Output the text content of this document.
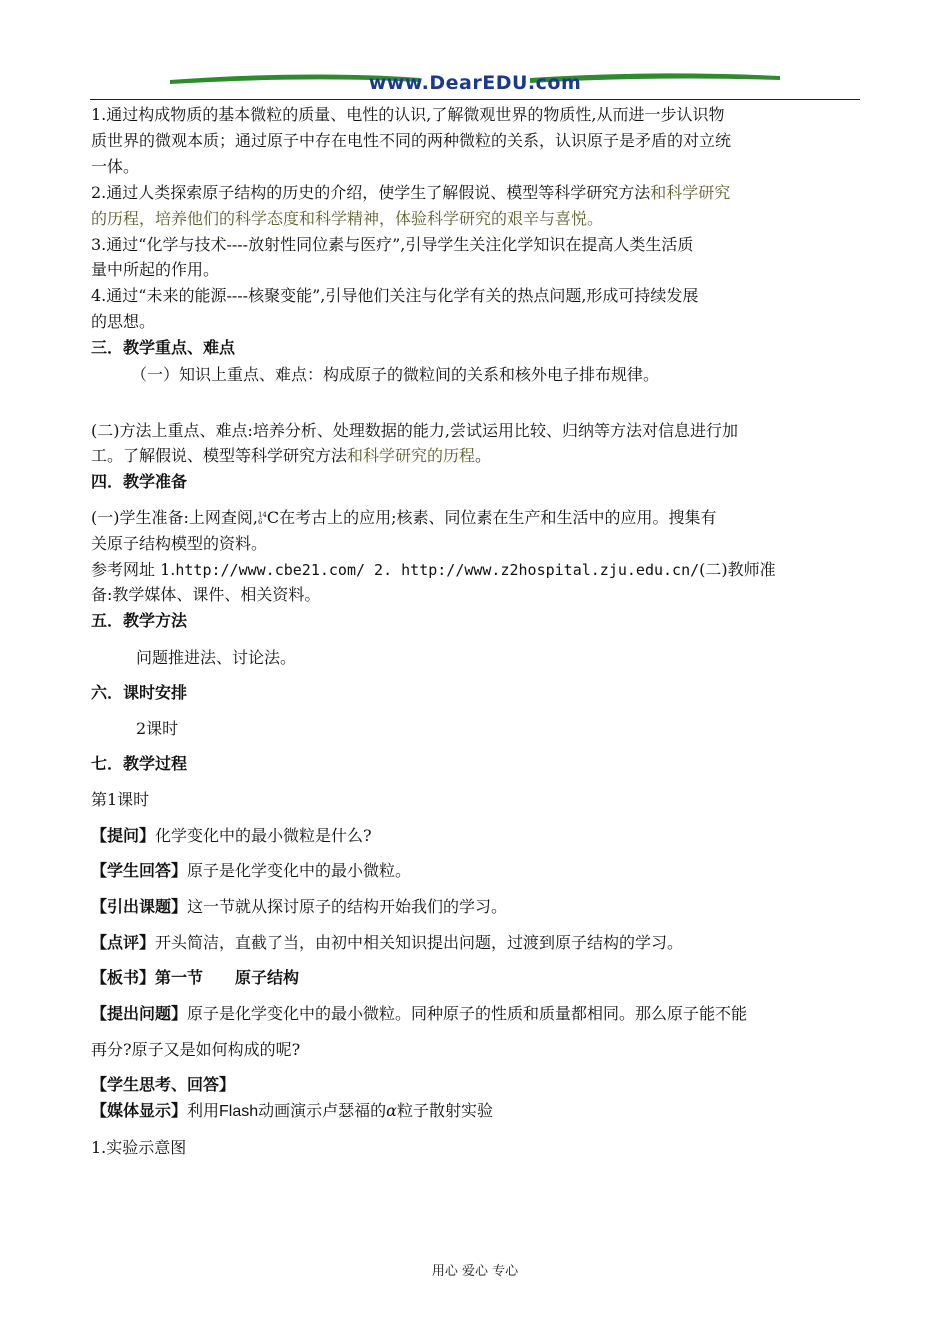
www.DearEDU.com
1.通过构成物质的基本微粒的质量、电性的认识,了解微观世界的物质性,从而进一步认识物
质世界的微观本质；通过原子中存在电性不同的两种微粒的关系，认识原子是矛盾的对立统
一体。
2.通过人类探索原子结构的历史的介绍，使学生了解假说、模型等科学研究方法和科学研究
的历程，培养他们的科学态度和科学精神，体验科学研究的艰辛与喜悦。
3.通过“化学与技术----放射性同位素与医疗”,引导学生关注化学知识在提高人类生活质
量中所起的作用。
4.通过“未来的能源----核聚变能”,引导他们关注与化学有关的热点问题,形成可持续发展
的思想。
三．教学重点、难点
（一）知识上重点、难点：构成原子的微粒间的关系和核外电子排布规律。
(二)方法上重点、难点:培养分析、处理数据的能力,尝试运用比较、归纳等方法对信息进行加
工。了解假说、模型等科学研究方法和科学研究的历程。
四．教学准备
(一)学生准备:上网查阅, 14
6 C在考古上的应用;核素、同位素在生产和生活中的应用。搜集有
关原子结构模型的资料。
参考网址 1.http://www.cbe21.com/ 2. http://www.z2hospital.zju.edu.cn/(二)教师准
备:教学媒体、课件、相关资料。
五．教学方法
问题推进法、讨论法。
六．课时安排
2课时
七．教学过程
第1课时
【提问】化学变化中的最小微粒是什么?
【学生回答】原子是化学变化中的最小微粒。
【引出课题】这一节就从探讨原子的结构开始我们的学习。
【点评】开头简洁，直截了当，由初中相关知识提出问题，过渡到原子结构的学习。
【板书】第一节　　原子结构
【提出问题】原子是化学变化中的最小微粒。同种原子的性质和质量都相同。那么原子能不能
再分?原子又是如何构成的呢?
【学生思考、回答】
【媒体显示】利用Flash动画演示卢瑟福的α粒子散射实验
1.实验示意图
用心 爱心 专心
